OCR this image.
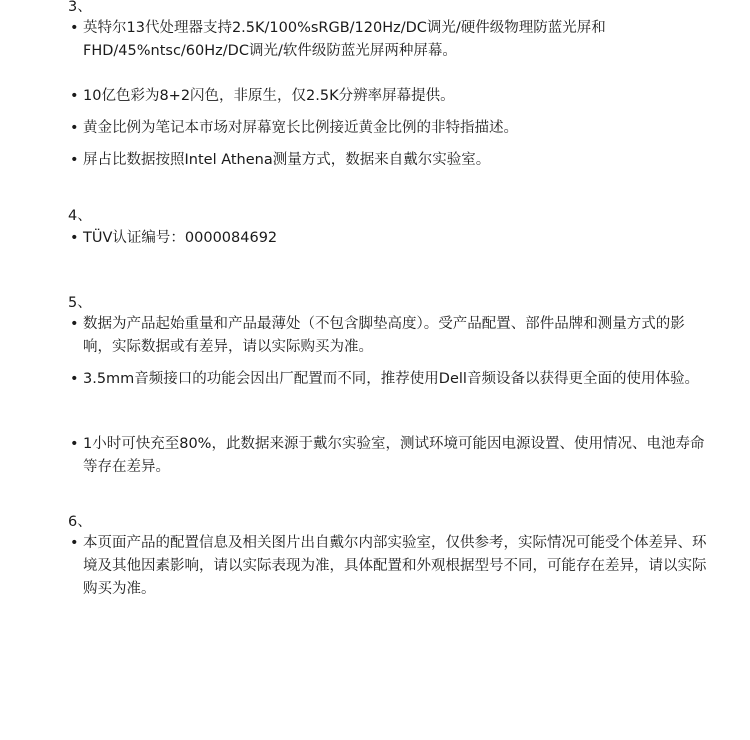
3、
• 英特尔13代处理器支持2.5K/100%sRGB/120Hz/DC调光/硬件级物理防蓝光屏和FHD/45%ntsc/60Hz/DC调光/软件级防蓝光屏两种屏幕。
• 10亿色彩为8+2闪色，非原生，仅2.5K分辨率屏幕提供。
• 黄金比例为笔记本市场对屏幕宽长比例接近黄金比例的非特指描述。
• 屏占比数据按照Intel Athena测量方式，数据来自戴尔实验室。
4、
• TÜV认证编号：0000084692
5、
• 数据为产品起始重量和产品最薄处（不包含脚垫高度）。受产品配置、部件品牌和测量方式的影响，实际数据或有差异，请以实际购买为准。
• 3.5mm音频接口的功能会因出厂配置而不同，推荐使用Dell音频设备以获得更全面的使用体验。
• 1小时可快充至80%，此数据来源于戴尔实验室，测试环境可能因电源设置、使用情况、电池寿命等存在差异。
6、
• 本页面产品的配置信息及相关图片出自戴尔内部实验室，仅供参考，实际情况可能受个体差异、环境及其他因素影响，请以实际表现为准，具体配置和外观根据型号不同，可能存在差异，请以实际购买为准。
